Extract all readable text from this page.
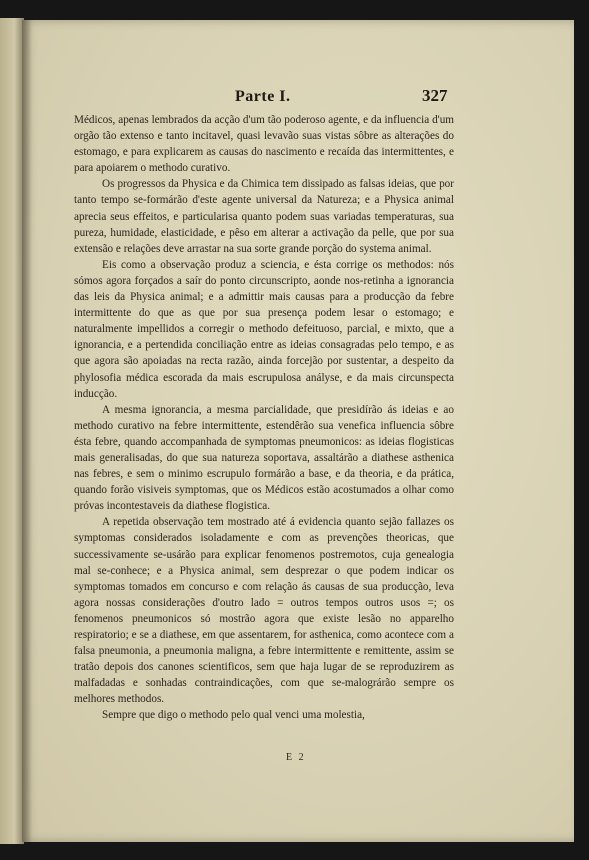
Parte I.	327

Médicos, apenas lembrados da acção d'um tão poderoso agente, e da influencia d'um orgão tão extenso e tanto incitavel, quasi levavão suas vistas sôbre as alterações do estomago, e para explicarem as causas do nascimento e recaída das intermittentes, e para apoiarem o methodo curativo.

Os progressos da Physica e da Chimica tem dissipado as falsas ideias, que por tanto tempo se-formárão d'este agente universal da Natureza; e a Physica animal aprecia seus effeitos, e particularisa quanto podem suas variadas temperaturas, sua pureza, humidade, elasticidade, e pêso em alterar a activação da pelle, que por sua extensão e relações deve arrastar na sua sorte grande porção do systema animal.

Eis como a observação produz a sciencia, e ésta corrige os methodos: nós sómos agora forçados a saír do ponto circunscripto, aonde nos-retinha a ignorancia das leis da Physica animal; e a admittir mais causas para a producção da febre intermittente do que as que por sua presença podem lesar o estomago; e naturalmente impellidos a corregir o methodo defeituoso, parcial, e mixto, que a ignorancia, e a pertendida conciliação entre as ideias consagradas pelo tempo, e as que agora são apoiadas na recta razão, ainda forcejão por sustentar, a despeito da phylosofia médica escorada da mais escrupulosa anályse, e da mais circunspecta inducção.

A mesma ignorancia, a mesma parcialidade, que presidírão ás ideias e ao methodo curativo na febre intermittente, estendêrão sua venefica influencia sôbre ésta febre, quando accompanhada de symptomas pneumonicos: as ideias flogisticas mais generalisadas, do que sua natureza soportava, assaltárão a diathese asthenica nas febres, e sem o minimo escrupulo formárão a base, e da theoria, e da prática, quando forão visiveis symptomas, que os Médicos estão acostumados a olhar como próvas incontestaveis da diathese flogistica.

A repetida observação tem mostrado até á evidencia quanto sejão fallazes os symptomas considerados isoladamente e com as prevenções theoricas, que successivamente se-usárão para explicar fenomenos postremotos, cuja genealogia mal se-conhece; e a Physica animal, sem desprezar o que podem indicar os symptomas tomados em concurso e com relação ás causas de sua producção, leva agora nossas considerações d'outro lado = outros tempos outros usos =; os fenomenos pneumonicos só mostrão agora que existe lesão no apparelho respiratorio; e se a diathese, em que assentarem, for asthenica, como acontece com a falsa pneumonia, a pneumonia maligna, a febre intermittente e remittente, assim se tratão depois dos canones scientificos, sem que haja lugar de se reproduzirem as malfadadas e sonhadas contraindicações, com que se-malográrão sempre os melhores methodos.

Sempre que digo o methodo pelo qual venci uma molestia,

E 2
